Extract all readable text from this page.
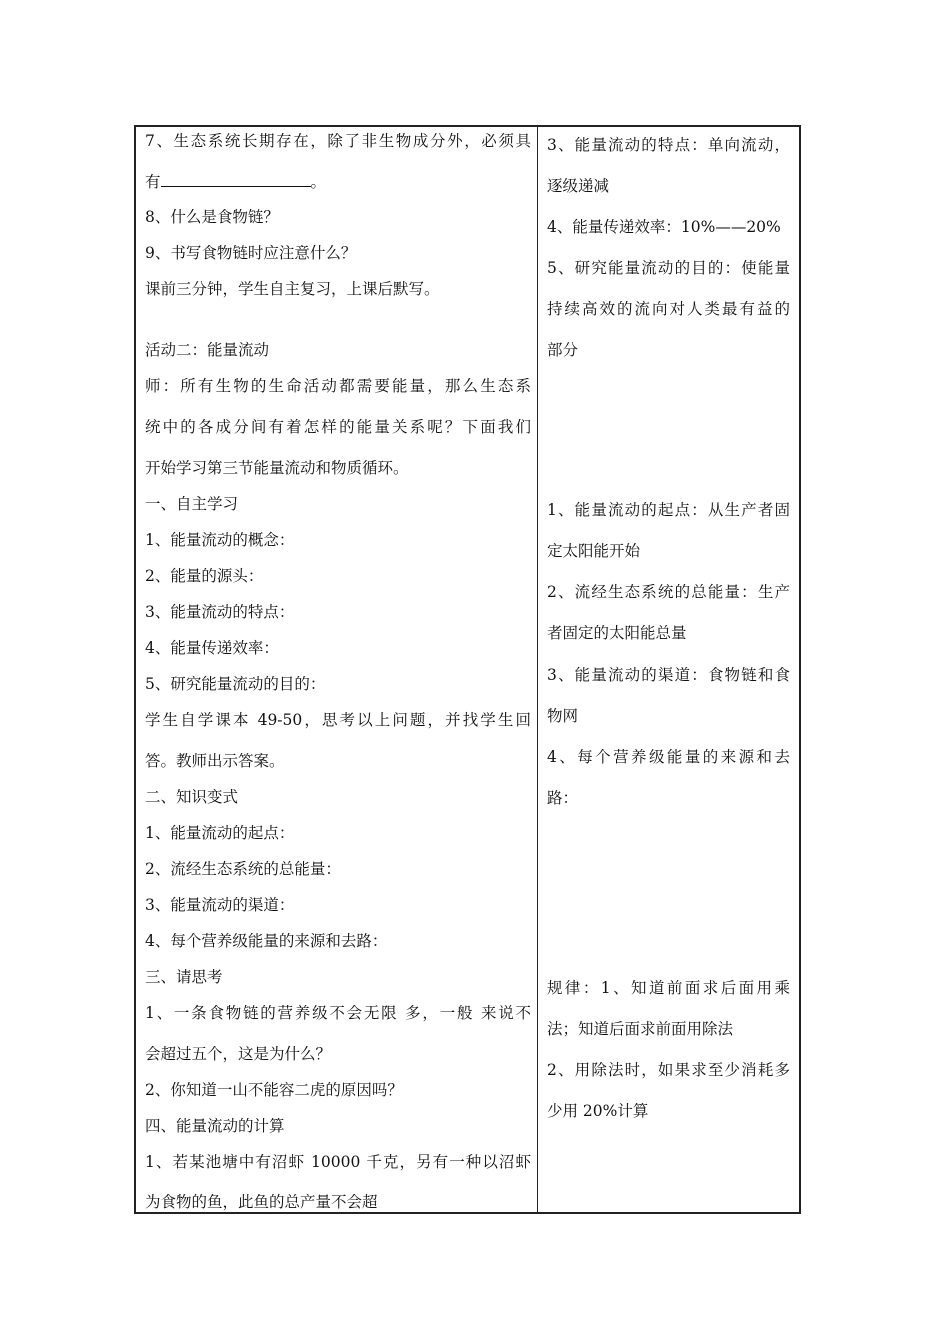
7、生态系统长期存在，除了非生物成分外，必须具
有	。
8、什么是食物链？
9、书写食物链时应注意什么？
课前三分钟，学生自主复习，上课后默写。
活动二：能量流动
师：所有生物的生命活动都需要能量，那么生态系
统中的各成分间有着怎样的能量关系呢？下面我们
开始学习第三节能量流动和物质循环。
一、自主学习
1、能量流动的概念：
2、能量的源头：
3、能量流动的特点：
4、能量传递效率：
5、研究能量流动的目的：
学生自学课本 49-50，思考以上问题，并找学生回
答。教师出示答案。
二、知识变式
1、能量流动的起点：
2、流经生态系统的总能量：
3、能量流动的渠道：
4、每个营养级能量的来源和去路：
三、请思考
1、一条食物链的营养级不会无限 多，一般 来说不
会超过五个，这是为什么？
2、你知道一山不能容二虎的原因吗？
四、能量流动的计算
1、若某池塘中有沼虾 10000 千克，另有一种以沼虾
为食物的鱼，此鱼的总产量不会超
3、能量流动的特点：单向流动，
逐级递减
4、能量传递效率：10%——20%
5、研究能量流动的目的：使能量
持续高效的流向对人类最有益的
部分
1、能量流动的起点：从生产者固
定太阳能开始
2、流经生态系统的总能量：生产
者固定的太阳能总量
3、能量流动的渠道：食物链和食
物网
4、每个营养级能量的来源和去
路：
规律：1、知道前面求后面用乘
法；知道后面求前面用除法
2、用除法时，如果求至少消耗多
少用 20%计算
